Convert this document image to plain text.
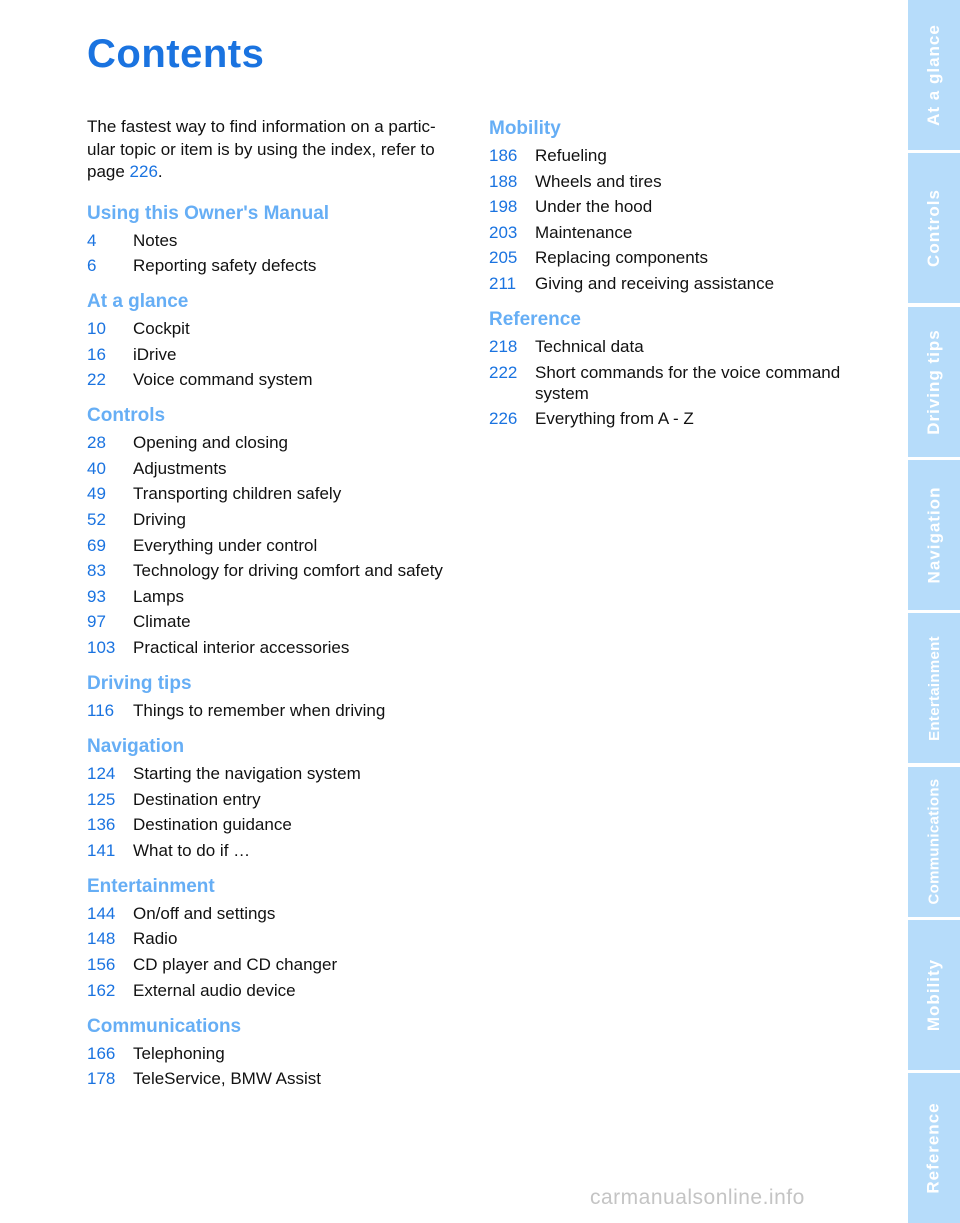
Contents
The fastest way to find information on a partic-
ular topic or item is by using the index, refer to
page 226.
Using this Owner's Manual
4	Notes
6	Reporting safety defects
At a glance
10	Cockpit
16	iDrive
22	Voice command system
Controls
28	Opening and closing
40	Adjustments
49	Transporting children safely
52	Driving
69	Everything under control
83	Technology for driving comfort and safety
93	Lamps
97	Climate
103	Practical interior accessories
Driving tips
116	Things to remember when driving
Navigation
124	Starting the navigation system
125	Destination entry
136	Destination guidance
141	What to do if …
Entertainment
144	On/off and settings
148	Radio
156	CD player and CD changer
162	External audio device
Communications
166	Telephoning
178	TeleService, BMW Assist
Mobility
186	Refueling
188	Wheels and tires
198	Under the hood
203	Maintenance
205	Replacing components
211	Giving and receiving assistance
Reference
218	Technical data
222	Short commands for the voice command system
226	Everything from A - Z
At a glance
Controls
Driving tips
Navigation
Entertainment
Communications
Mobility
Reference
carmanualsonline.info
